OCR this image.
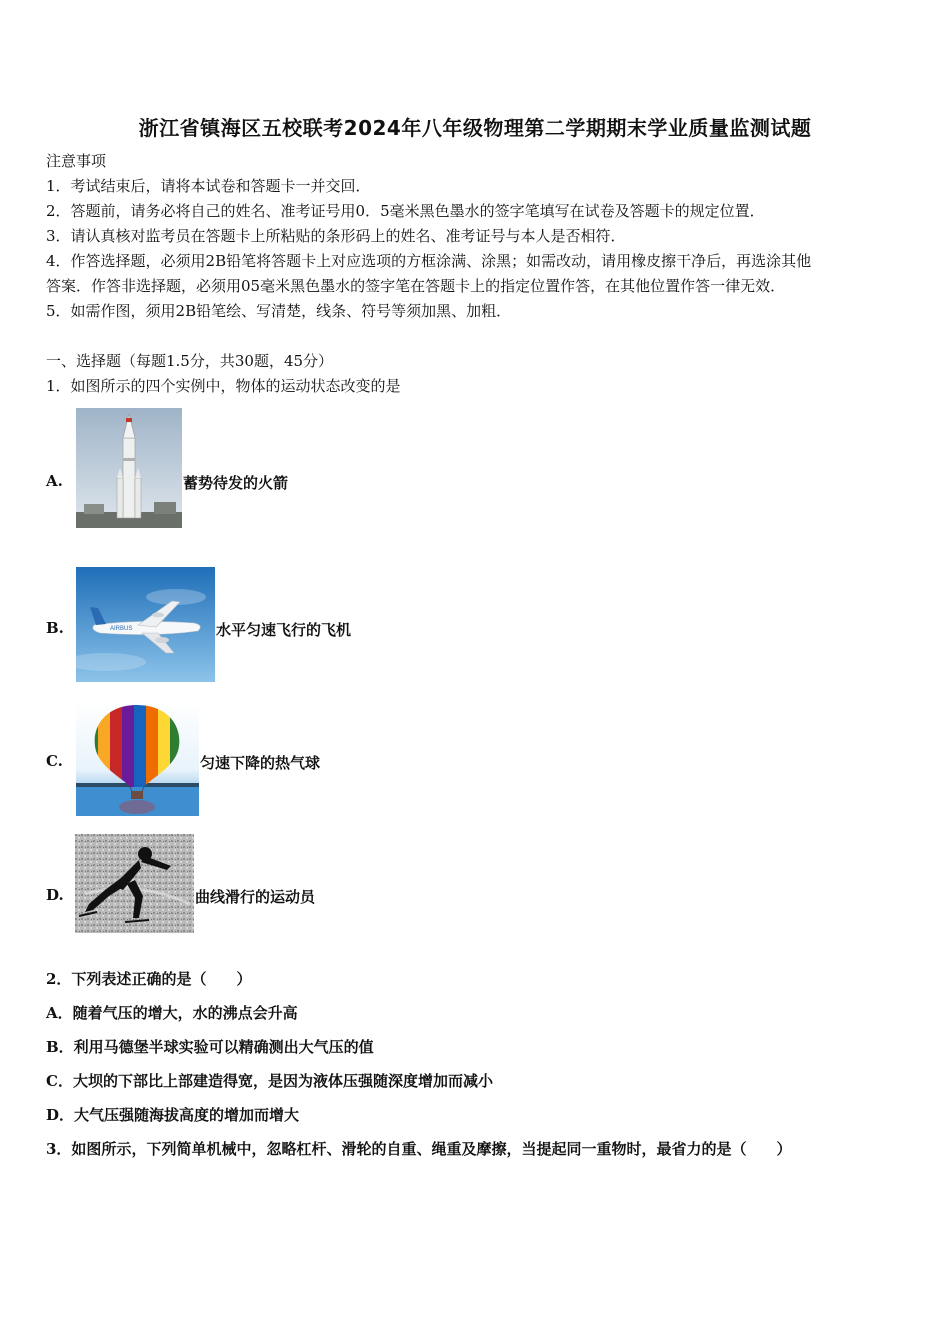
浙江省镇海区五校联考2024年八年级物理第二学期期末学业质量监测试题
注意事项
1．考试结束后，请将本试卷和答题卡一并交回．
2．答题前，请务必将自己的姓名、准考证号用0．5毫米黑色墨水的签字笔填写在试卷及答题卡的规定位置．
3．请认真核对监考员在答题卡上所粘贴的条形码上的姓名、准考证号与本人是否相符．
4．作答选择题，必须用2B铅笔将答题卡上对应选项的方框涂满、涂黑；如需改动，请用橡皮擦干净后，再选涂其他
答案．作答非选择题，必须用05毫米黑色墨水的签字笔在答题卡上的指定位置作答，在其他位置作答一律无效．
5．如需作图，须用2B铅笔绘、写清楚，线条、符号等须加黑、加粗．
一、选择题（每题1.5分，共30题，45分）
1．如图所示的四个实例中，物体的运动状态改变的是
A.	蓄势待发的火箭
B.	AIRBUS	水平匀速飞行的飞机
C.	匀速下降的热气球
D.	曲线滑行的运动员
2．下列表述正确的是（　　）
A．随着气压的增大，水的沸点会升高
B．利用马德堡半球实验可以精确测出大气压的值
C．大坝的下部比上部建造得宽，是因为液体压强随深度增加而减小
D．大气压强随海拔高度的增加而增大
3．如图所示，下列简单机械中，忽略杠杆、滑轮的自重、绳重及摩擦，当提起同一重物时，最省力的是（　　）
